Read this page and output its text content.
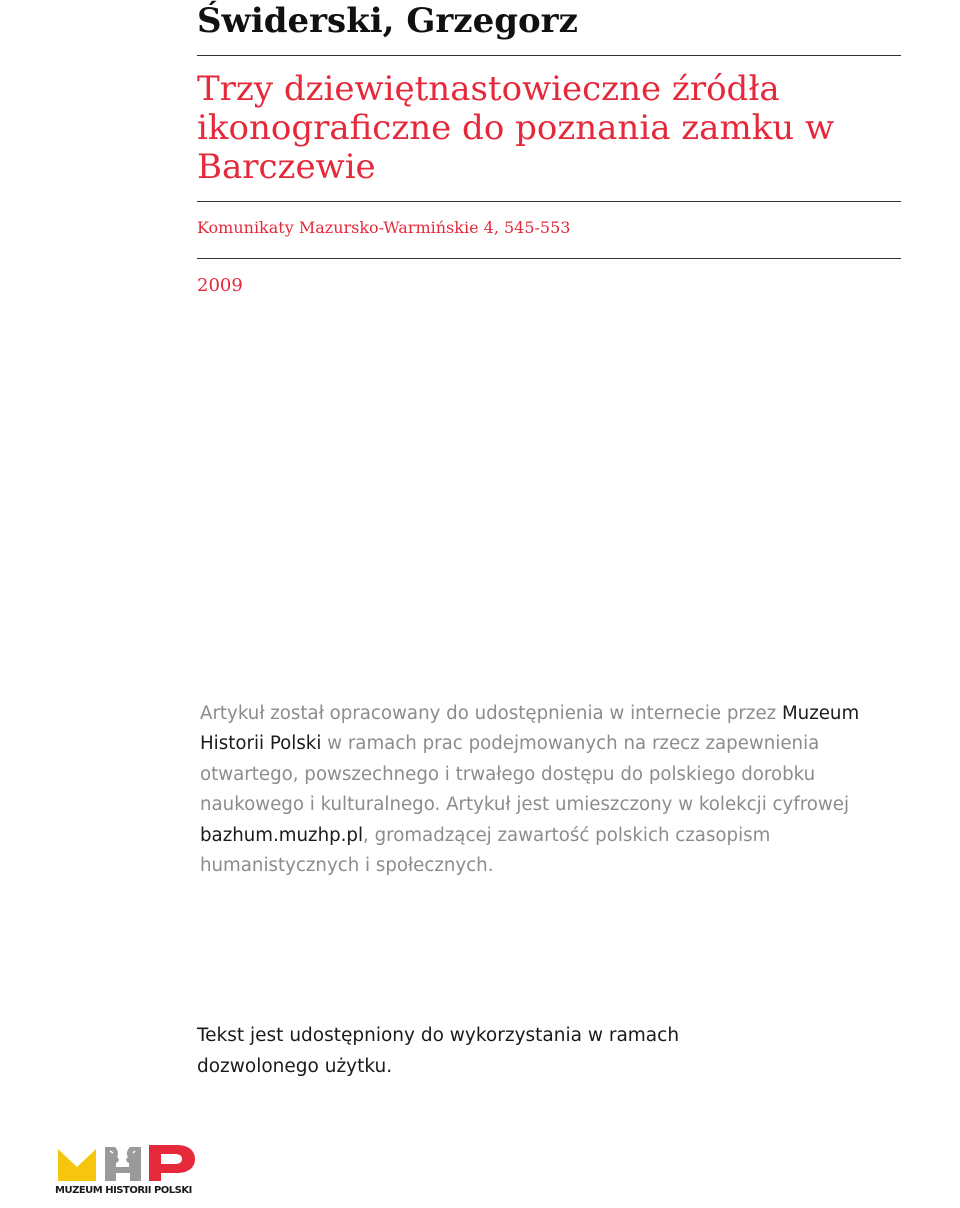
Świderski, Grzegorz
Trzy dziewiętnastowieczne źródła ikonograficzne do poznania zamku w Barczewie
Komunikaty Mazursko-Warmińskie 4, 545-553
2009

Artykuł został opracowany do udostępnienia w internecie przez Muzeum Historii Polski w ramach prac podejmowanych na rzecz zapewnienia otwartego, powszechnego i trwałego dostępu do polskiego dorobku naukowego i kulturalnego. Artykuł jest umieszczony w kolekcji cyfrowej bazhum.muzhp.pl, gromadzącej zawartość polskich czasopism humanistycznych i społecznych.

Tekst jest udostępniony do wykorzystania w ramach dozwolonego użytku.

MUZEUM HISTORII POLSKI
